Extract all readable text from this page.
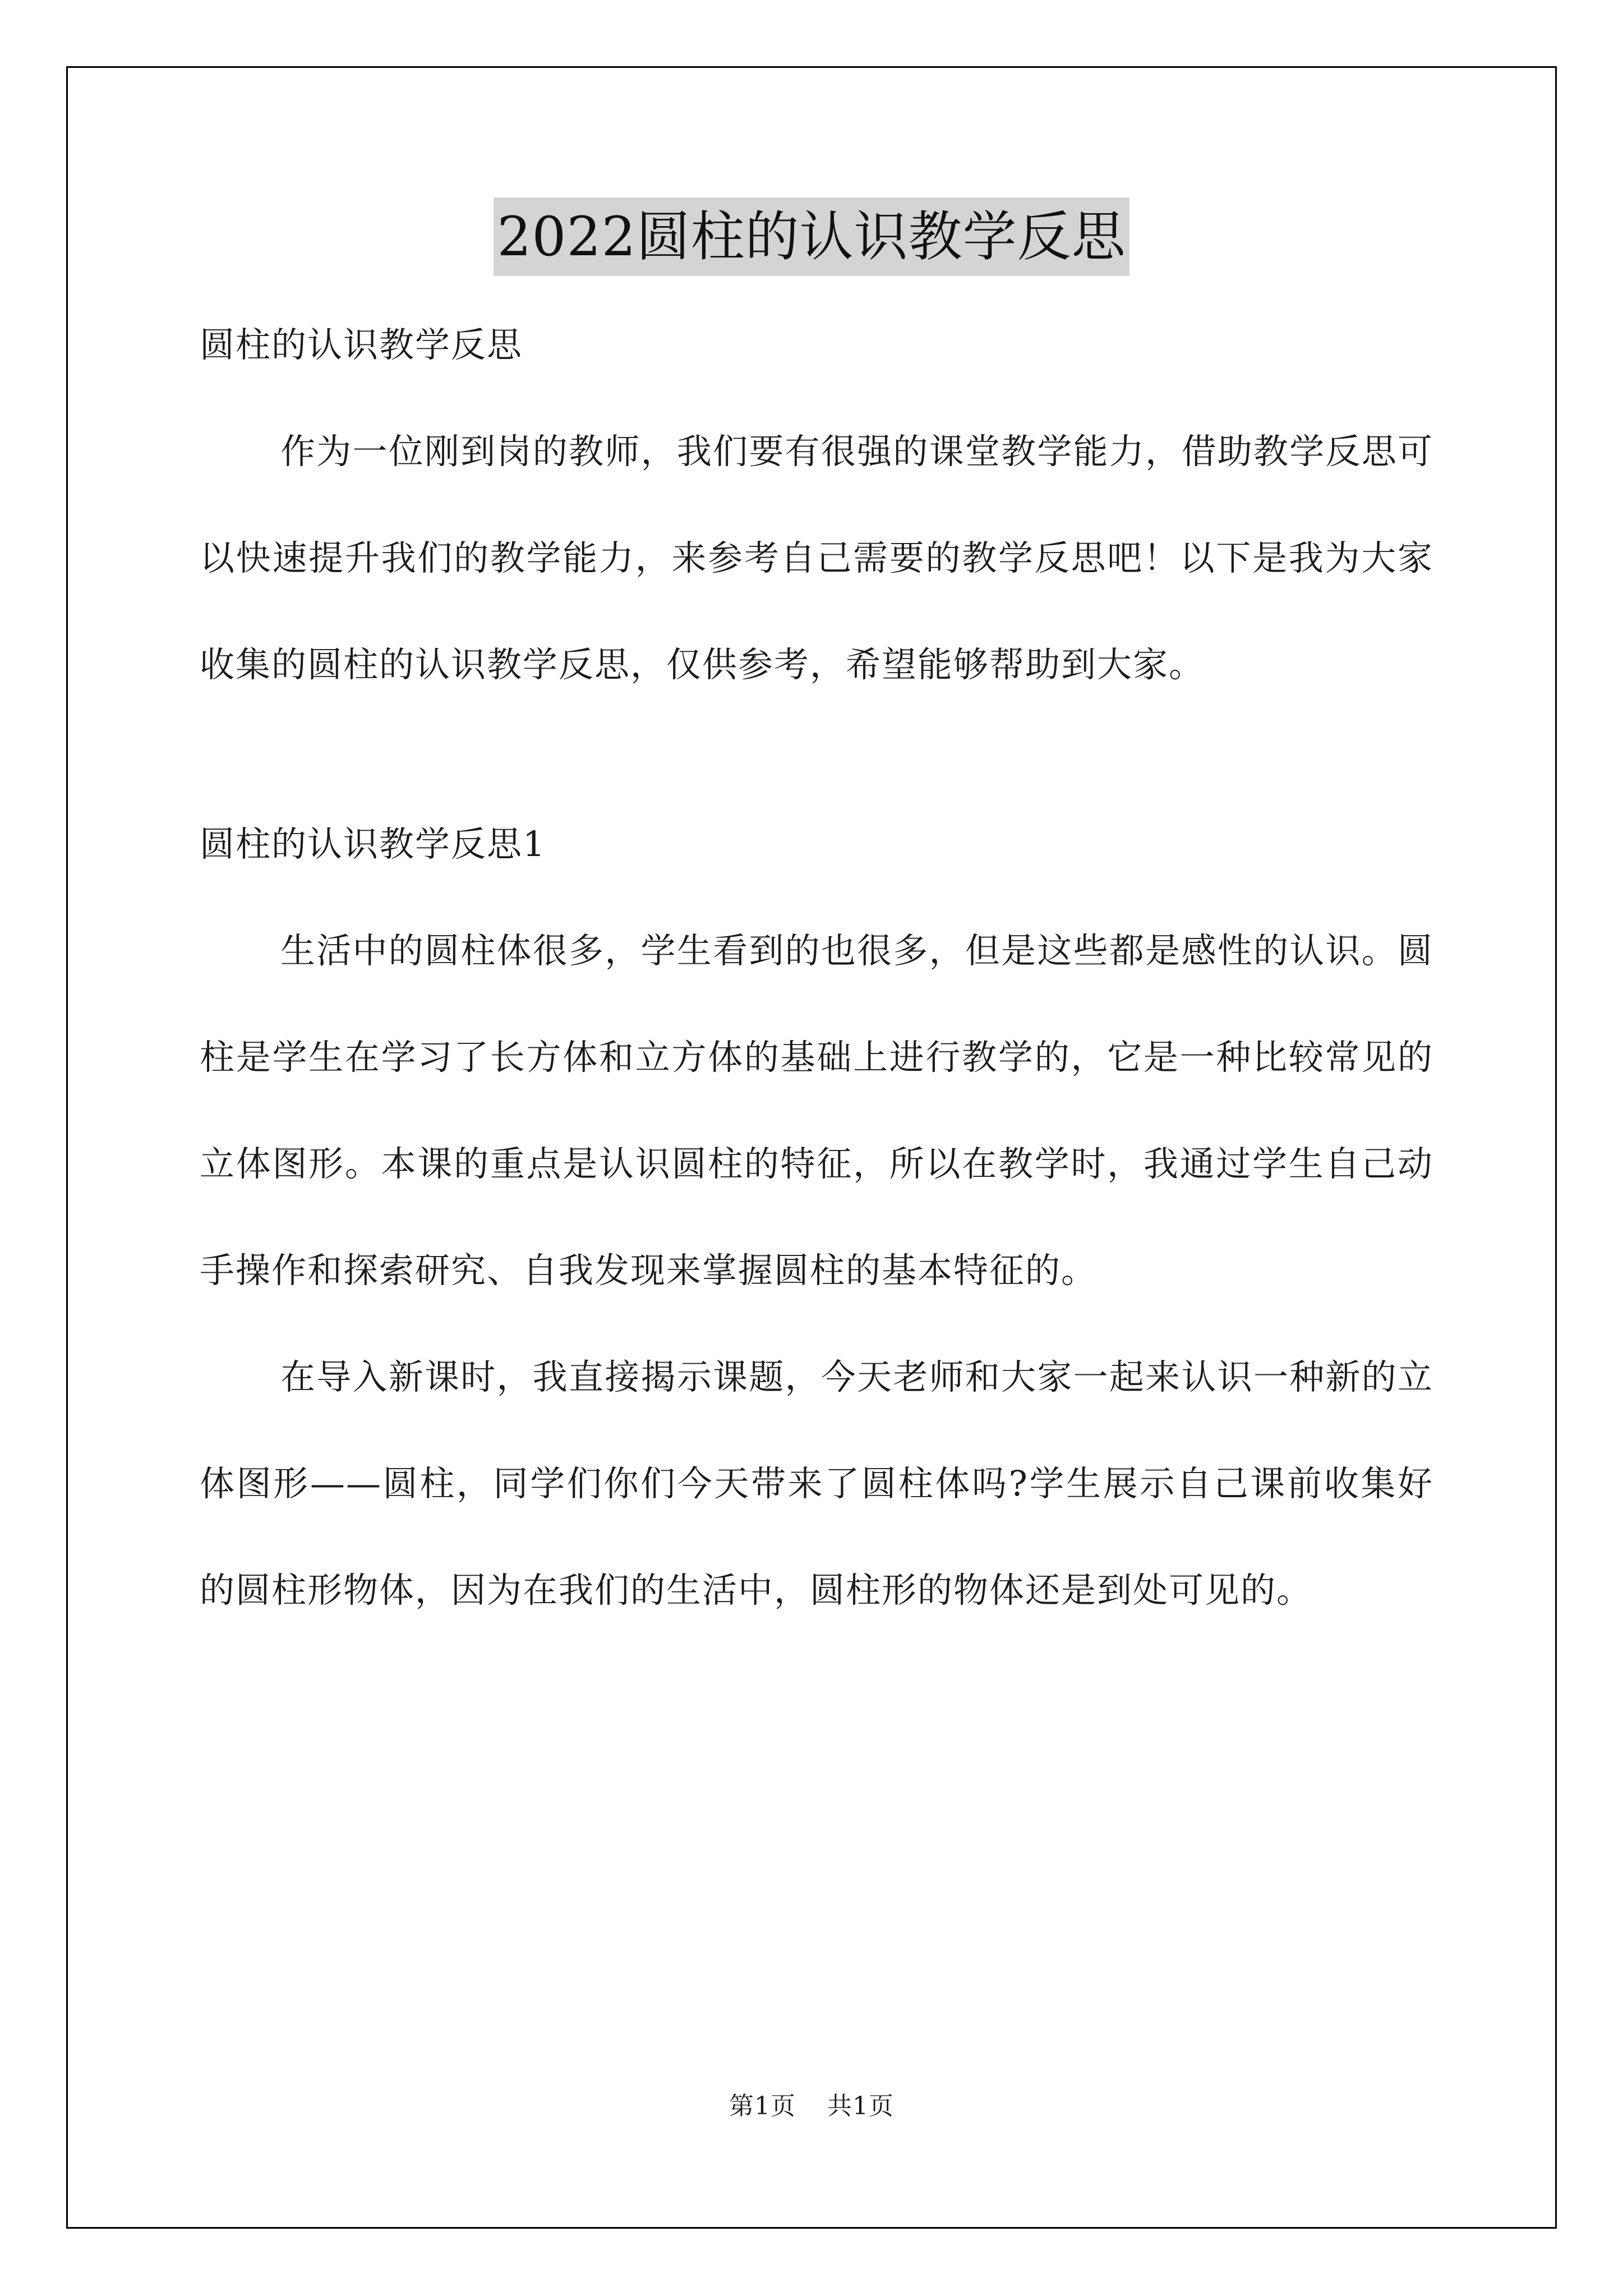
2022圆柱的认识教学反思

圆柱的认识教学反思

作为一位刚到岗的教师，我们要有很强的课堂教学能力，借助教学反思可以快速提升我们的教学能力，来参考自己需要的教学反思吧！以下是我为大家收集的圆柱的认识教学反思，仅供参考，希望能够帮助到大家。

圆柱的认识教学反思1

生活中的圆柱体很多，学生看到的也很多，但是这些都是感性的认识。圆柱是学生在学习了长方体和立方体的基础上进行教学的，它是一种比较常见的立体图形。本课的重点是认识圆柱的特征，所以在教学时，我通过学生自己动手操作和探索研究、自我发现来掌握圆柱的基本特征的。

在导入新课时，我直接揭示课题，今天老师和大家一起来认识一种新的立体图形——圆柱，同学们你们今天带来了圆柱体吗?学生展示自己课前收集好的圆柱形物体，因为在我们的生活中，圆柱形的物体还是到处可见的。

第1页 共1页
